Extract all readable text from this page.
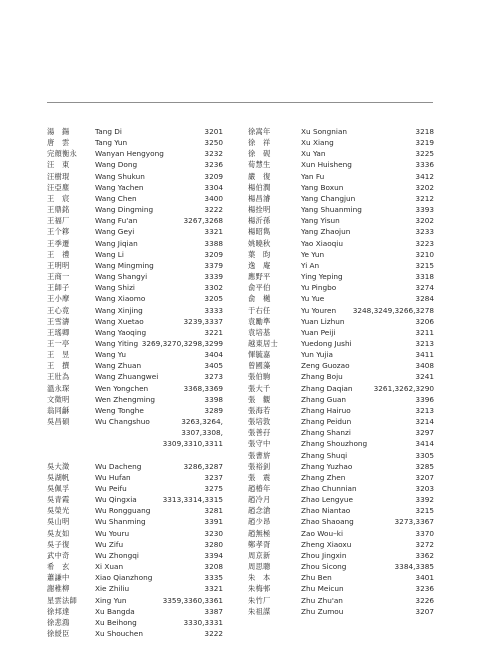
湯　鍚	Tang Di	3201
唐　雲	Tang Yun	3250
完顔衡永	Wanyan Hengyong	3232
汪　東	Wang Dong	3236
汪樹琨	Wang Shukun	3209
汪亞塵	Wang Yachen	3304
王　宸	Wang Chen	3400
王鼎銘	Wang Dingming	3222
王福厂	Wang Fu'an	3267,3268
王个簃	Wang Geyi	3321
王季遷	Wang Jiqian	3388
王　禮	Wang Li	3209
王明明	Wang Mingming	3379
王商一	Wang Shangyi	3339
王師子	Wang Shizi	3302
王小摩	Wang Xiaomo	3205
王心竟	Wang Xinjing	3333
王雪濤	Wang Xuetao	3239,3337
王瑤卿	Wang Yaoqing	3221
王一亭	Wang Yiting 3269,3270,3298,3299
王　昱	Wang Yu	3404
王　撰	Wang Zhuan	3405
王壯為	Wang Zhuangwei	3273
溫永琛	Wen Yongchen	3368,3369
文徵明	Wen Zhengming	3398
翁同龢	Weng Tonghe	3289
吳昌碩	Wu Changshuo	3263,3264,
3307,3308,
3309,3310,3311
吳大澂	Wu Dacheng	3286,3287
吳湖帆	Wu Hufan	3237
吳佩孚	Wu Peifu	3275
吳青霞	Wu Qingxia	3313,3314,3315
吳榮光	Wu Rongguang	3281
吳山明	Wu Shanming	3391
吳友如	Wu Youru	3230
吳子復	Wu Zifu	3280
武中奇	Wu Zhongqi	3394
希　玄	Xi Xuan	3208
蕭謙中	Xiao Qianzhong	3335
謝稚柳	Xie Zhiliu	3321
星雲法師	Xing Yun	3359,3360,3361
徐邦達	Xu Bangda	3387
徐悲鴻	Xu Beihong	3330,3331
徐綬臣	Xu Shouchen	3222
徐嵩年	Xu Songnian	3218
徐　祥	Xu Xiang	3219
徐　砚	Xu Yan	3225
荀慧生	Xun Huisheng	3336
嚴　復	Yan Fu	3412
楊伯潤	Yang Boxun	3202
楊昌濬	Yang Changjun	3212
楊拴明	Yang Shuanming	3393
楊沂孫	Yang Yisun	3202
楊昭雋	Yang Zhaojun	3233
姚曉秋	Yao Xiaoqiu	3223
葉　昀	Ye Yun	3210
逸　庵	Yi An	3215
應野平	Ying Yeping	3318
俞平伯	Yu Pingbo	3274
俞　樾	Yu Yue	3284
于右任	Yu Youren	3248,3249,3266,3278
袁勵準	Yuan Lizhun	3206
袁培基	Yuan Peiji	3211
越東居士	Yuedong Jushi	3213
惲毓嘉	Yun Yujia	3411
曾國藻	Zeng Guozao	3408
張伯駒	Zhang Boju	3241
張大千	Zhang Daqian	3261,3262,3290
張　觀	Zhang Guan	3396
張海若	Zhang Hairuo	3213
張培敦	Zhang Peidun	3214
張善孖	Zhang Shanzi	3297
張守中	Zhang Shouzhong	3414
張書旂	Zhang Shuqi	3305
張裕釗	Zhang Yuzhao	3285
張　震	Zhang Zhen	3207
趙椿年	Zhao Chunnian	3203
趙冷月	Zhao Lengyue	3392
趙念滄	Zhao Niantao	3215
趙少昂	Zhao Shaoang	3273,3367
趙無極	Zao Wou–ki	3370
鄭孝胥	Zheng Xiaoxu	3272
周京新	Zhou Jingxin	3362
周思聰	Zhou Sicong	3384,3385
朱　本	Zhu Ben	3401
朱梅邨	Zhu Meicun	3236
朱竹厂	Zhu Zhu'an	3226
朱祖謀	Zhu Zumou	3207
